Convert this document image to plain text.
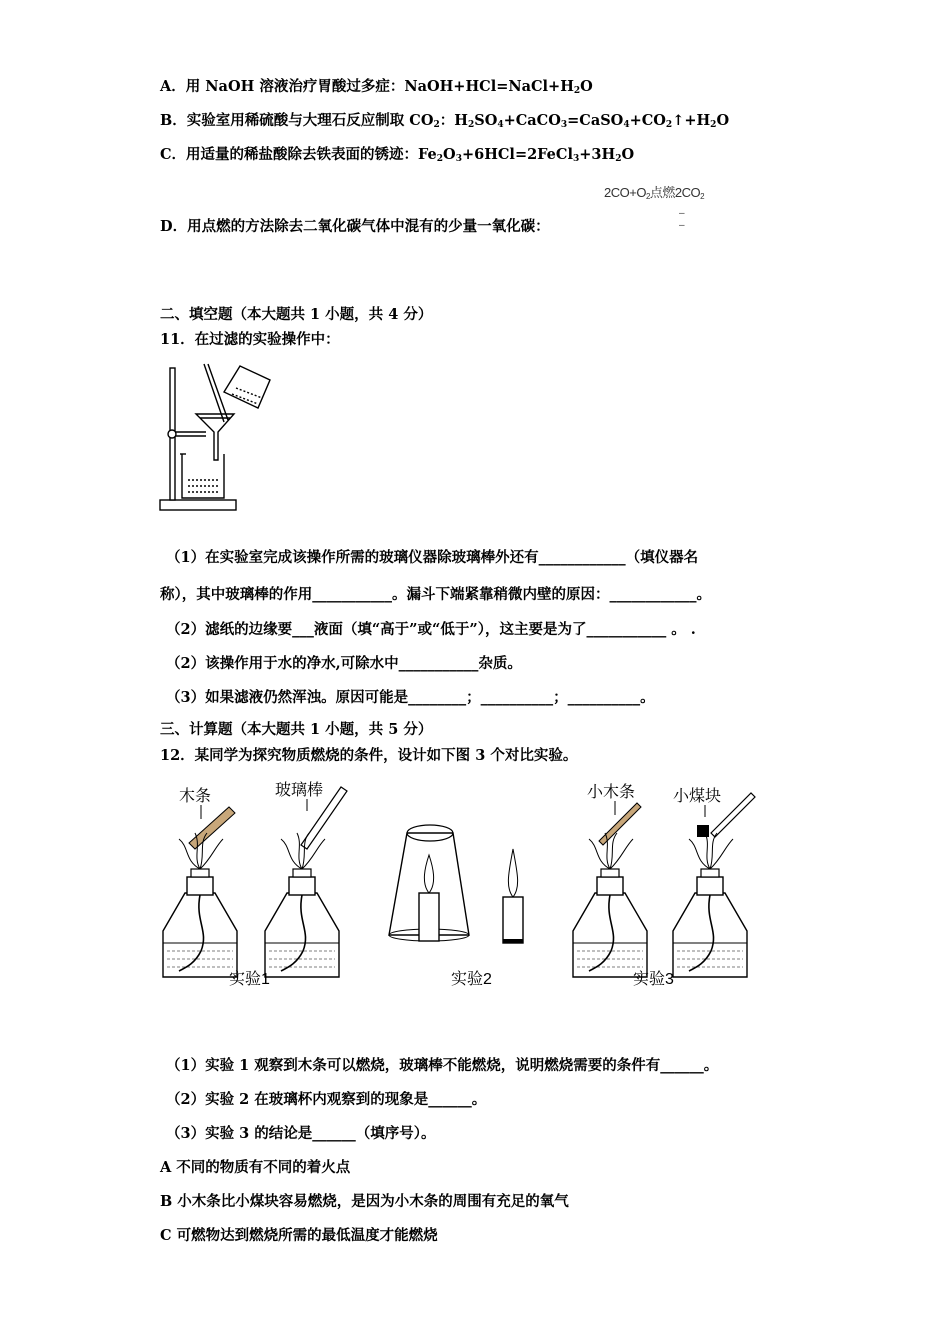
A．用 NaOH 溶液治疗胃酸过多症：$NaOH+HCl=NaCl+H_2O$
B．实验室用稀硫酸与大理石反应制取 $CO_2$：$H_2SO_4+CaCO_3=CaSO_4+CO_2↑+H_2O$
C．用适量的稀盐酸除去铁表面的锈迹：$Fe_2O_3+6HCl=2FeCl_3+3H_2O$
$2CO+O_2$点燃$2CO_2$
–
–
D．用点燃的方法除去二氧化碳气体中混有的少量一氧化碳：
二、填空题（本大题共 1 小题，共 4 分）
11．在过滤的实验操作中：
（1）在实验室完成该操作所需的玻璃仪器除玻璃棒外还有____________（填仪器名
称），其中玻璃棒的作用___________。漏斗下端紧靠稍微内壁的原因：____________。
（2）滤纸的边缘要___液面（填“高于”或“低于”），这主要是为了___________ 。 .
（2）该操作用于水的净水,可除水中___________杂质。
（3）如果滤液仍然浑浊。原因可能是________；__________；__________。
三、计算题（本大题共 1 小题，共 5 分）
12．某同学为探究物质燃烧的条件，设计如下图 3 个对比实验。
木条	玻璃棒	小木条 小煤块
实验1	实验2	实验3
（1）实验 1 观察到木条可以燃烧，玻璃棒不能燃烧，说明燃烧需要的条件有______。
（2）实验 2 在玻璃杯内观察到的现象是______。
（3）实验 3 的结论是______（填序号）。
A 不同的物质有不同的着火点
B 小木条比小煤块容易燃烧，是因为小木条的周围有充足的氧气
C 可燃物达到燃烧所需的最低温度才能燃烧
